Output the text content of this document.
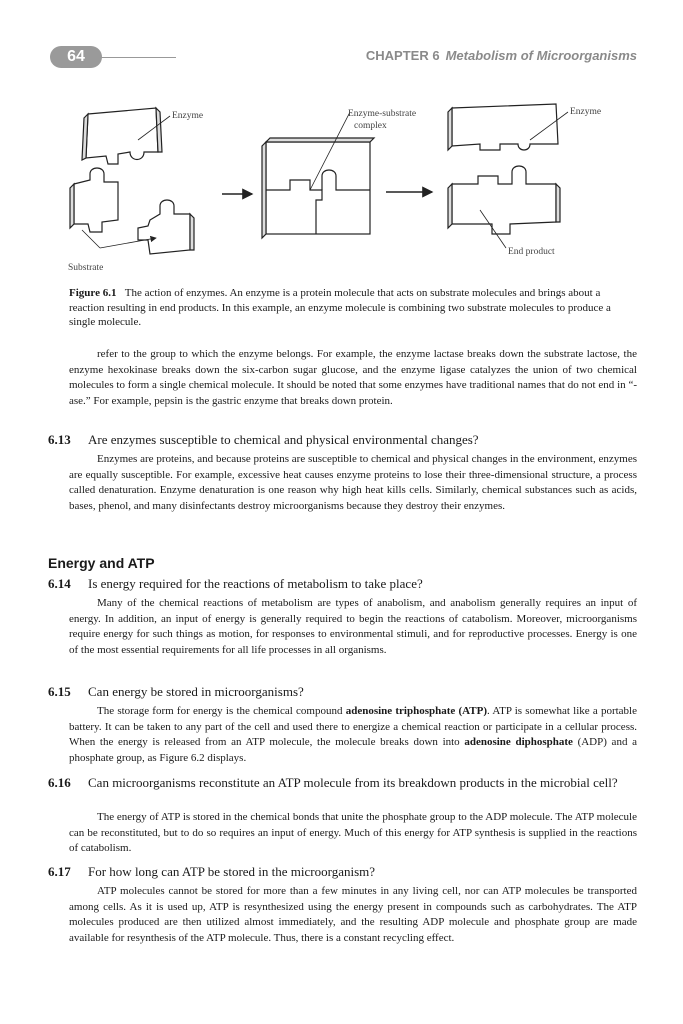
64	CHAPTER 6 Metabolism of Microorganisms
Substrate
Enzyme	Enzyme-substrate
complex
Enzyme
End product
Figure 6.1 The action of enzymes. An enzyme is a protein molecule that acts on substrate molecules and brings about a reaction resulting in end products. In this example, an enzyme molecule is combining two substrate molecules to produce a single molecule.

refer to the group to which the enzyme belongs. For example, the enzyme lactase breaks down the substrate lactose, the enzyme hexokinase breaks down the six-carbon sugar glucose, and the enzyme ligase catalyzes the union of two chemical molecules to form a single chemical molecule. It should be noted that some enzymes have traditional names that do not end in “-ase.” For example, pepsin is the gastric enzyme that breaks down protein.

6.13 Are enzymes susceptible to chemical and physical environmental changes?

Enzymes are proteins, and because proteins are susceptible to chemical and physical changes in the environment, enzymes are equally susceptible. For example, excessive heat causes enzyme proteins to lose their three-dimensional structure, a process called denaturation. Enzyme denaturation is one reason why high heat kills cells. Similarly, chemical substances such as acids, bases, phenol, and many disinfectants destroy microorganisms because they destroy their enzymes.

Energy and ATP
6.14 Is energy required for the reactions of metabolism to take place?

Many of the chemical reactions of metabolism are types of anabolism, and anabolism generally requires an input of energy. In addition, an input of energy is generally required to begin the reactions of catabolism. Moreover, microorganisms require energy for such things as motion, for responses to environmental stimuli, and for reproductive processes. Energy is one of the most essential requirements for all life processes in all organisms.

6.15 Can energy be stored in microorganisms?

The storage form for energy is the chemical compound adenosine triphosphate (ATP). ATP is somewhat like a portable battery. It can be taken to any part of the cell and used there to energize a chemical reaction or participate in a cellular process. When the energy is released from an ATP molecule, the molecule breaks down into adenosine diphosphate (ADP) and a phosphate group, as Figure 6.2 displays.

6.16 Can microorganisms reconstitute an ATP molecule from its breakdown products in the microbial cell?

The energy of ATP is stored in the chemical bonds that unite the phosphate group to the ADP molecule. The ATP molecule can be reconstituted, but to do so requires an input of energy. Much of this energy for ATP synthesis is supplied in the reactions of catabolism.

6.17 For how long can ATP be stored in the microorganism?

ATP molecules cannot be stored for more than a few minutes in any living cell, nor can ATP molecules be transported among cells. As it is used up, ATP is resynthesized using the energy present in compounds such as carbohydrates. The ATP molecules produced are then utilized almost immediately, and the resulting ADP molecule and phosphate group are made available for resynthesis of the ATP molecule. Thus, there is a constant recycling effect.
